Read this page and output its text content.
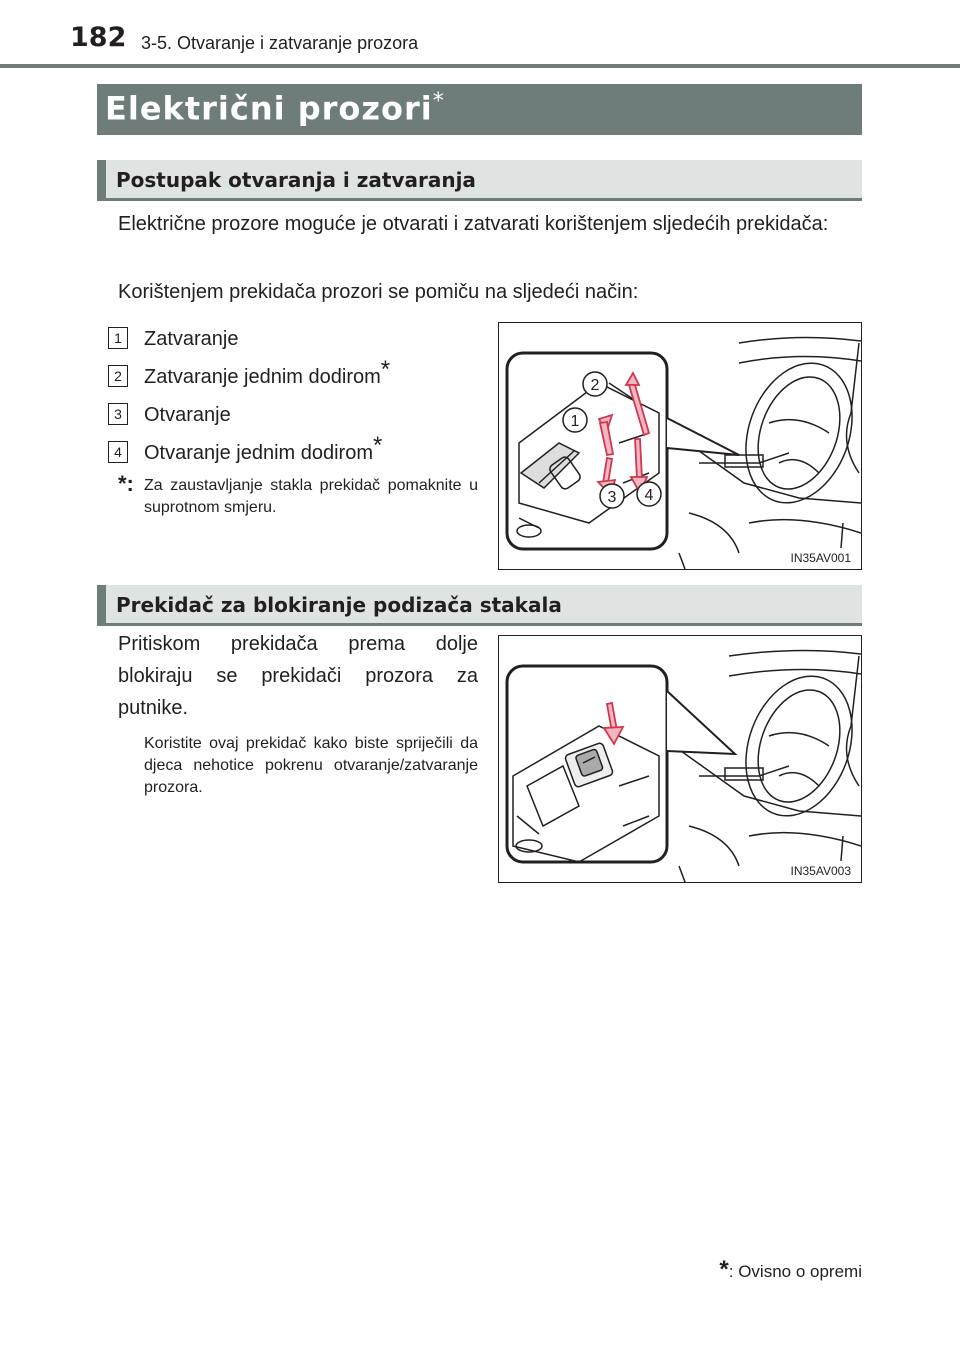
182 3-5. Otvaranje i zatvaranje prozora
Električni prozori*
Postupak otvaranja i zatvaranja
Električne prozore moguće je otvarati i zatvarati korištenjem sljedećih prekidača:
Korištenjem prekidača prozori se pomiču na sljedeći način:
1 Zatvaranje
2 Zatvaranje jednim dodirom*
3 Otvaranje
4 Otvaranje jednim dodirom*
*: Za zaustavljanje stakla prekidač pomaknite u suprotnom smjeru.
1
2
3 4
IN35AV001
Prekidač za blokiranje podizača stakala
Pritiskom prekidača prema dolje blokiraju se prekidači prozora za putnike.
Koristite ovaj prekidač kako biste spriječili da djeca nehotice pokrenu otvaranje/zatvaranje prozora.
IN35AV003
*: Ovisno o opremi
